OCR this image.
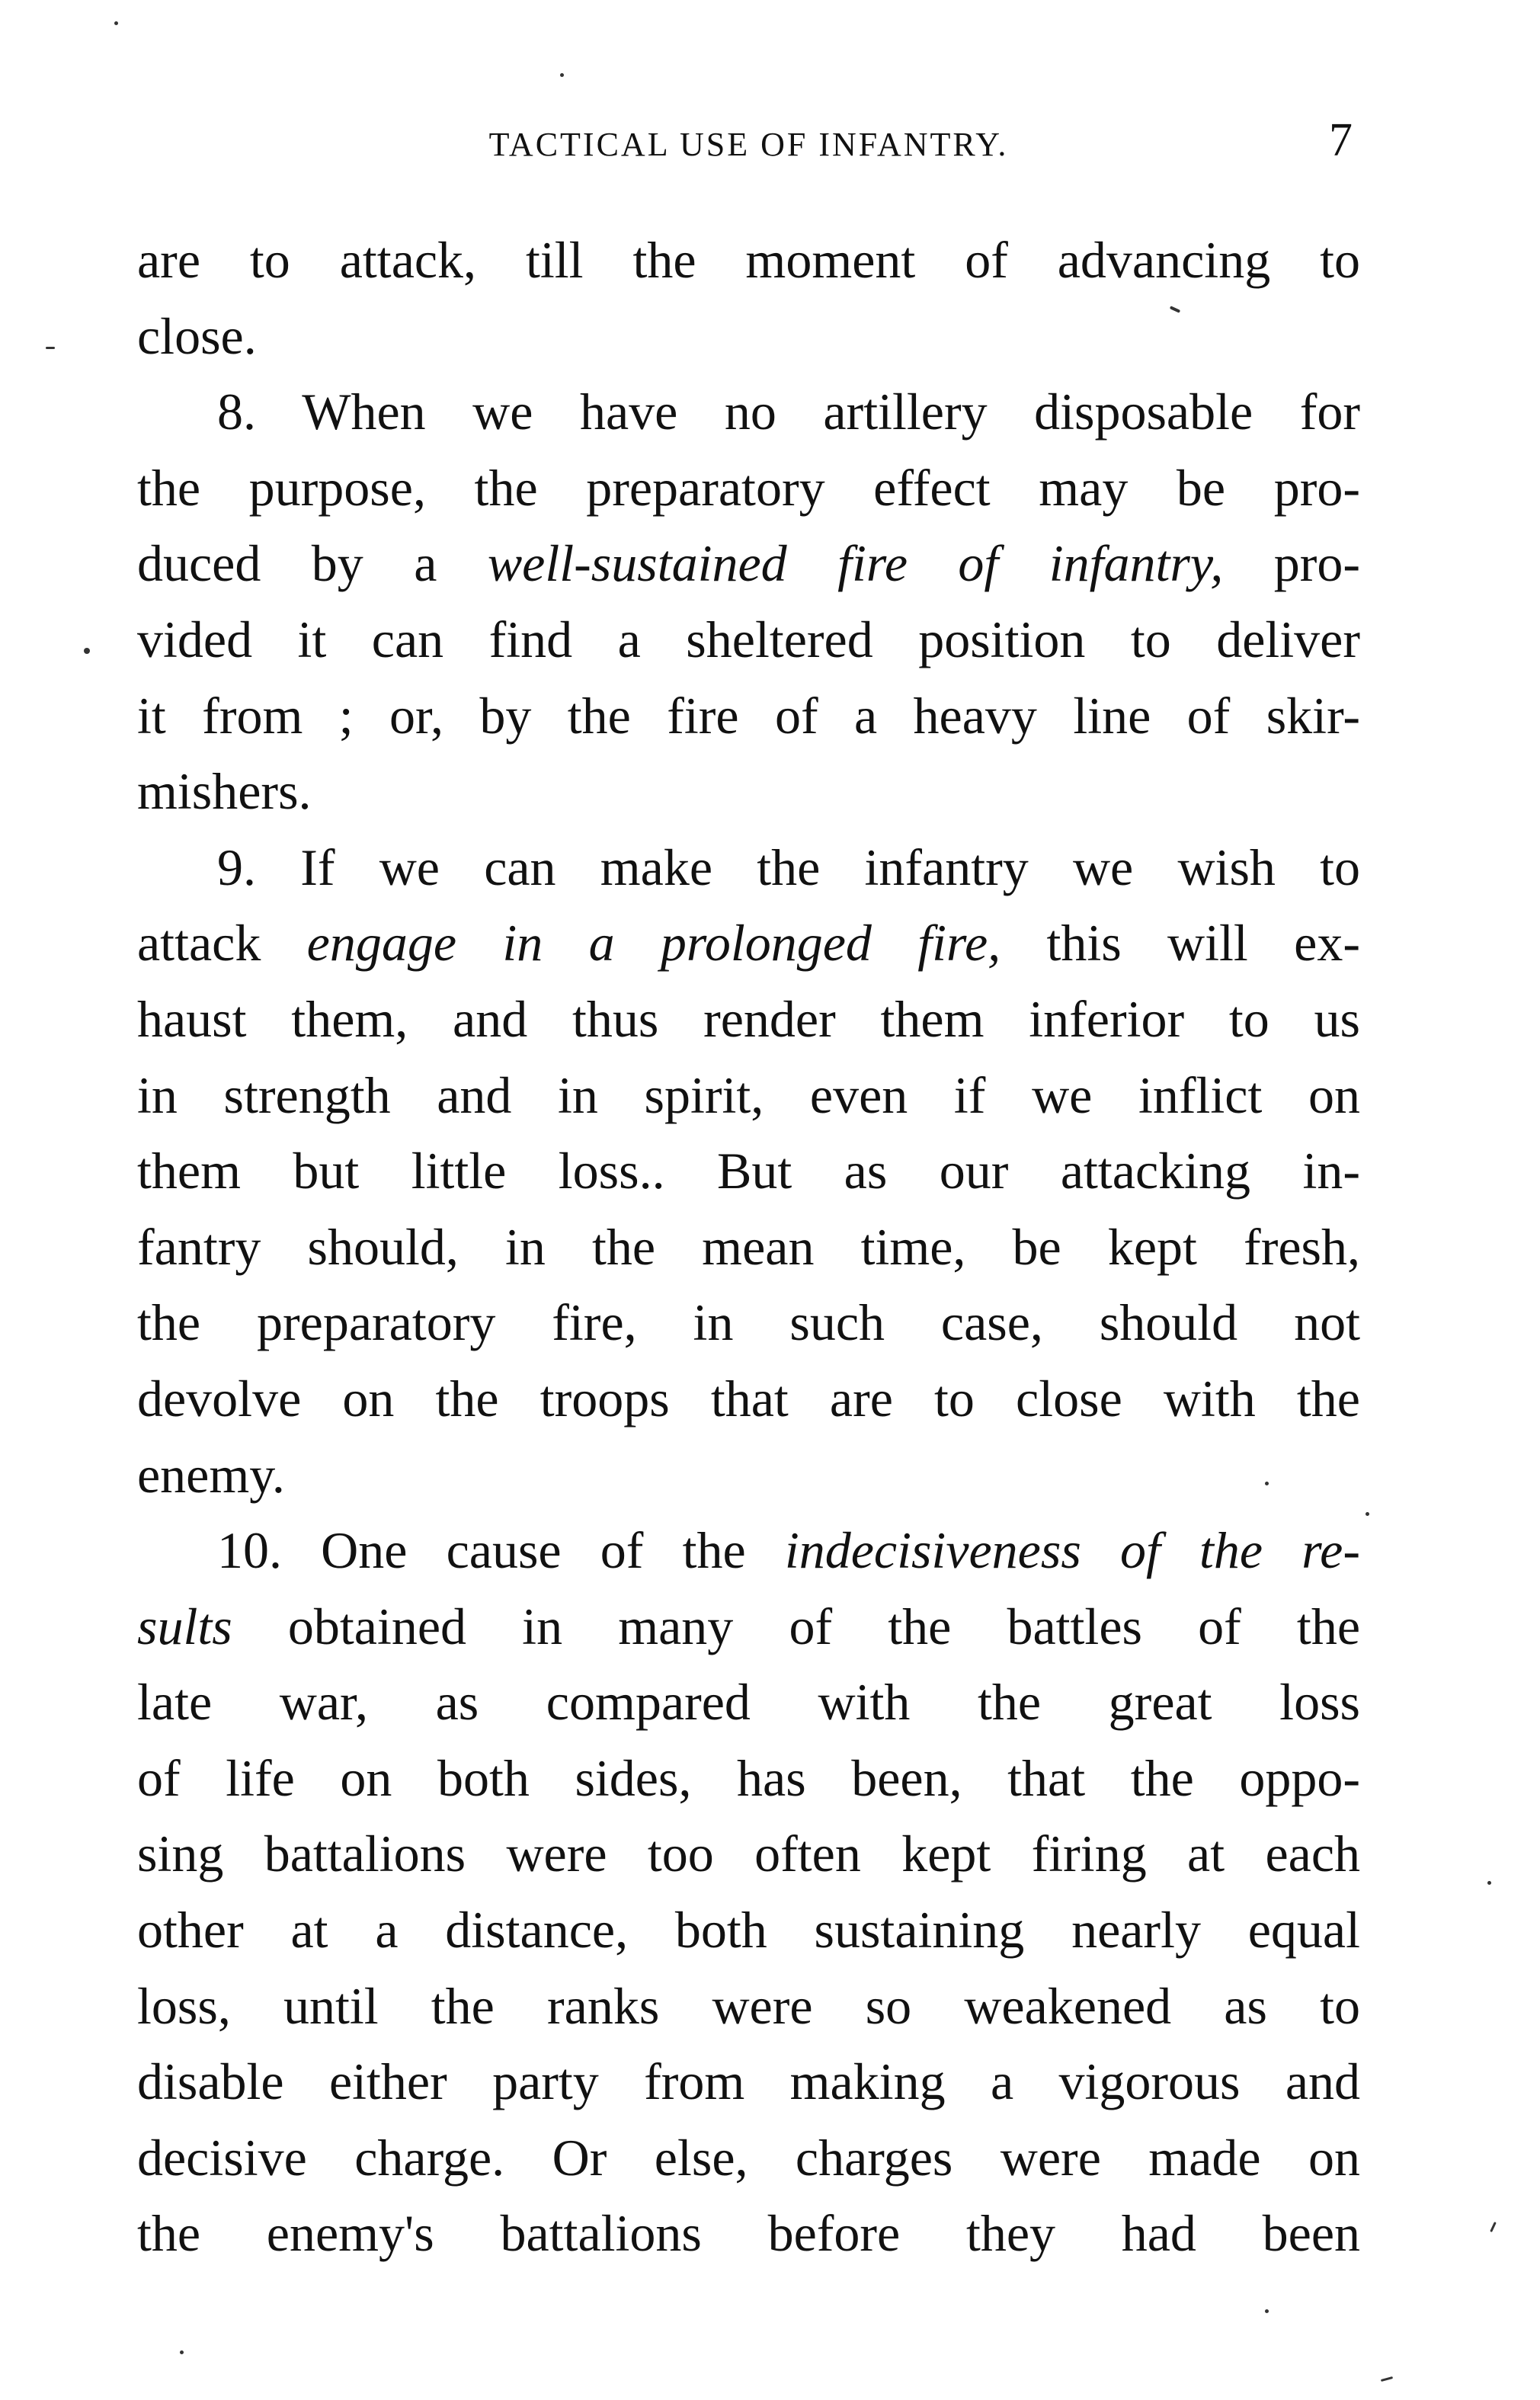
TACTICAL USE OF INFANTRY.	7
are to attack, till the moment of advancing to
close.
8. When we have no artillery disposable for
the purpose, the preparatory effect may be pro-
duced by a well-sustained fire of infantry, pro-
vided it can find a sheltered position to deliver
it from ; or, by the fire of a heavy line of skir-
mishers.
9. If we can make the infantry we wish to
attack engage in a prolonged fire, this will ex-
haust them, and thus render them inferior to us
in strength and in spirit, even if we inflict on
them but little loss.. But as our attacking in-
fantry should, in the mean time, be kept fresh,
the preparatory fire, in such case, should not
devolve on the troops that are to close with the
enemy.
10. One cause of the indecisiveness of the re-
sults obtained in many of the battles of the
late war, as compared with the great loss
of life on both sides, has been, that the oppo-
sing battalions were too often kept firing at each
other at a distance, both sustaining nearly equal
loss, until the ranks were so weakened as to
disable either party from making a vigorous and
decisive charge. Or else, charges were made on
the enemy's battalions before they had been
